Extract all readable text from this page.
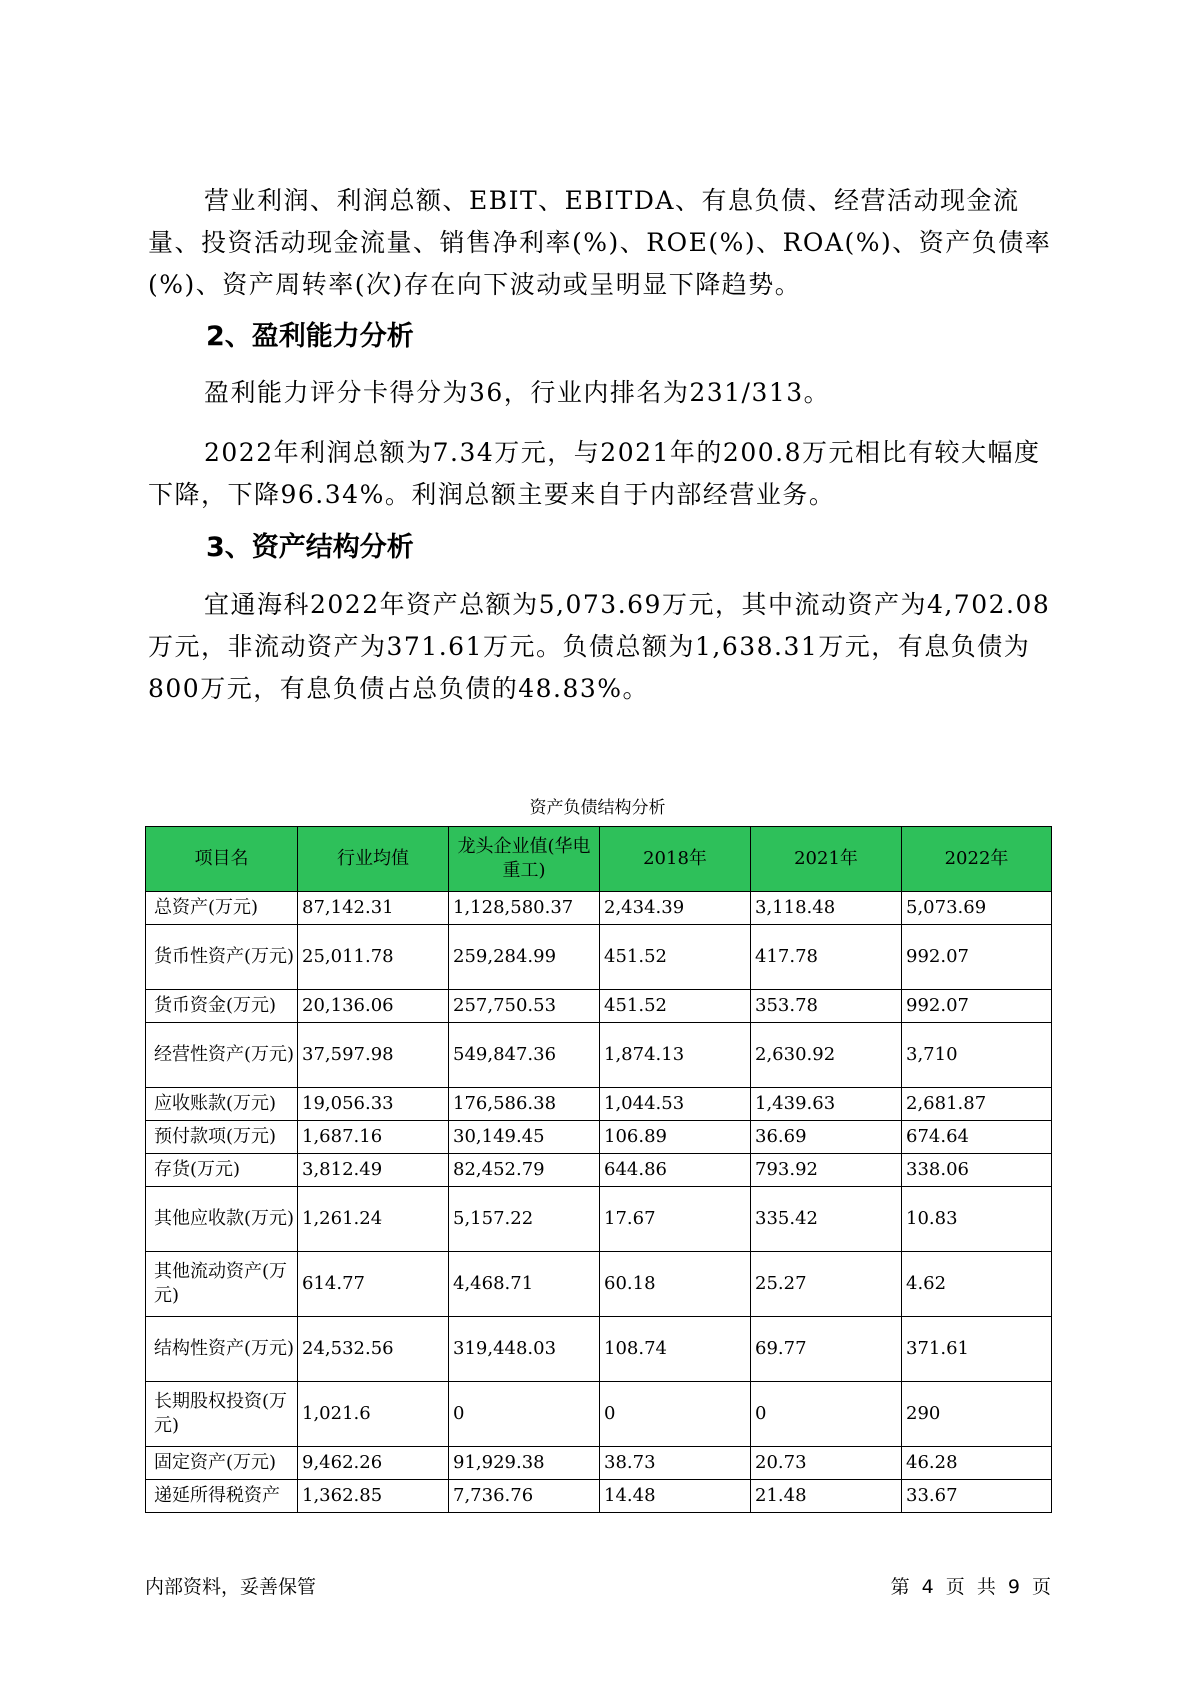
营业利润、利润总额、EBIT、EBITDA、有息负债、经营活动现金流量、投资活动现金流量、销售净利率(%)、ROE(%)、ROA(%)、资产负债率(%)、资产周转率(次)存在向下波动或呈明显下降趋势。

2、盈利能力分析

盈利能力评分卡得分为36，行业内排名为231/313。

2022年利润总额为7.34万元，与2021年的200.8万元相比有较大幅度下降，下降96.34%。利润总额主要来自于内部经营业务。

3、资产结构分析

宜通海科2022年资产总额为5,073.69万元，其中流动资产为4,702.08万元，非流动资产为371.61万元。负债总额为1,638.31万元，有息负债为800万元，有息负债占总负债的48.83%。

资产负债结构分析
项目名	行业均值	龙头企业值(华电重工)	2018年	2021年	2022年
总资产(万元)	87,142.31	1,128,580.37	2,434.39	3,118.48	5,073.69
货币性资产(万元)	25,011.78	259,284.99	451.52	417.78	992.07
货币资金(万元)	20,136.06	257,750.53	451.52	353.78	992.07
经营性资产(万元)	37,597.98	549,847.36	1,874.13	2,630.92	3,710
应收账款(万元)	19,056.33	176,586.38	1,044.53	1,439.63	2,681.87
预付款项(万元)	1,687.16	30,149.45	106.89	36.69	674.64
存货(万元)	3,812.49	82,452.79	644.86	793.92	338.06
其他应收款(万元)	1,261.24	5,157.22	17.67	335.42	10.83
其他流动资产(万元)	614.77	4,468.71	60.18	25.27	4.62
结构性资产(万元)	24,532.56	319,448.03	108.74	69.77	371.61
长期股权投资(万元)	1,021.6	0	0	0	290
固定资产(万元)	9,462.26	91,929.38	38.73	20.73	46.28
递延所得税资产	1,362.85	7,736.76	14.48	21.48	33.67
内部资料，妥善保管	第 4 页 共 9 页
